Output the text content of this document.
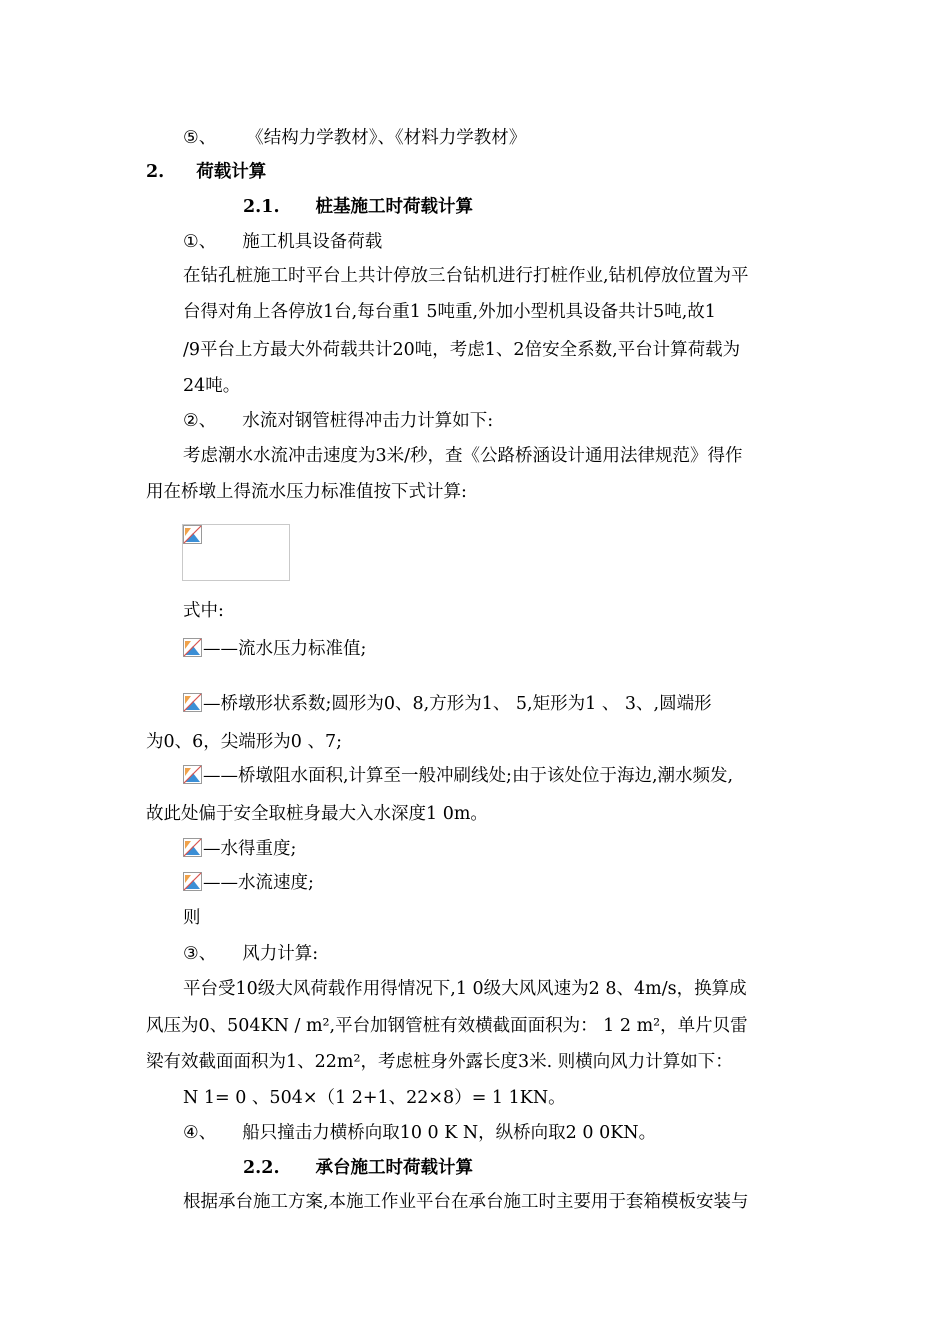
⑤、 《结构力学教材》、《材料力学教材》
2. 荷载计算
2.1. 桩基施工时荷载计算
①、 施工机具设备荷载
在钻孔桩施工时平台上共计停放三台钻机进行打桩作业,钻机停放位置为平
台得对角上各停放1台,每台重1 5吨重,外加小型机具设备共计5吨,故1
/9平台上方最大外荷载共计20吨，考虑1、2倍安全系数,平台计算荷载为
24吨。
②、 水流对钢管桩得冲击力计算如下:
考虑潮水水流冲击速度为3米/秒，查《公路桥涵设计通用法律规范》得作
用在桥墩上得流水压力标准值按下式计算:
式中:
——流水压力标准值;
—桥墩形状系数;圆形为0、8,方形为1、 5,矩形为1 、 3、,圆端形
为0、6，尖端形为0 、7;
——桥墩阻水面积,计算至一般冲刷线处;由于该处位于海边,潮水频发,
故此处偏于安全取桩身最大入水深度1 0m。
—水得重度;
——水流速度;
则
③、 风力计算:
平台受10级大风荷载作用得情况下,1 0级大风风速为2 8、4m/s，换算成
风压为0、504KN / m²,平台加钢管桩有效横截面面积为： 1 2 m²，单片贝雷
梁有效截面面积为1、22m²，考虑桩身外露长度3米. 则横向风力计算如下：
N 1= 0 、504×（1 2+1、22×8）= 1 1KN。
④、 船只撞击力横桥向取10 0 K N，纵桥向取2 0 0KN。
2.2. 承台施工时荷载计算
根据承台施工方案,本施工作业平台在承台施工时主要用于套箱模板安装与
